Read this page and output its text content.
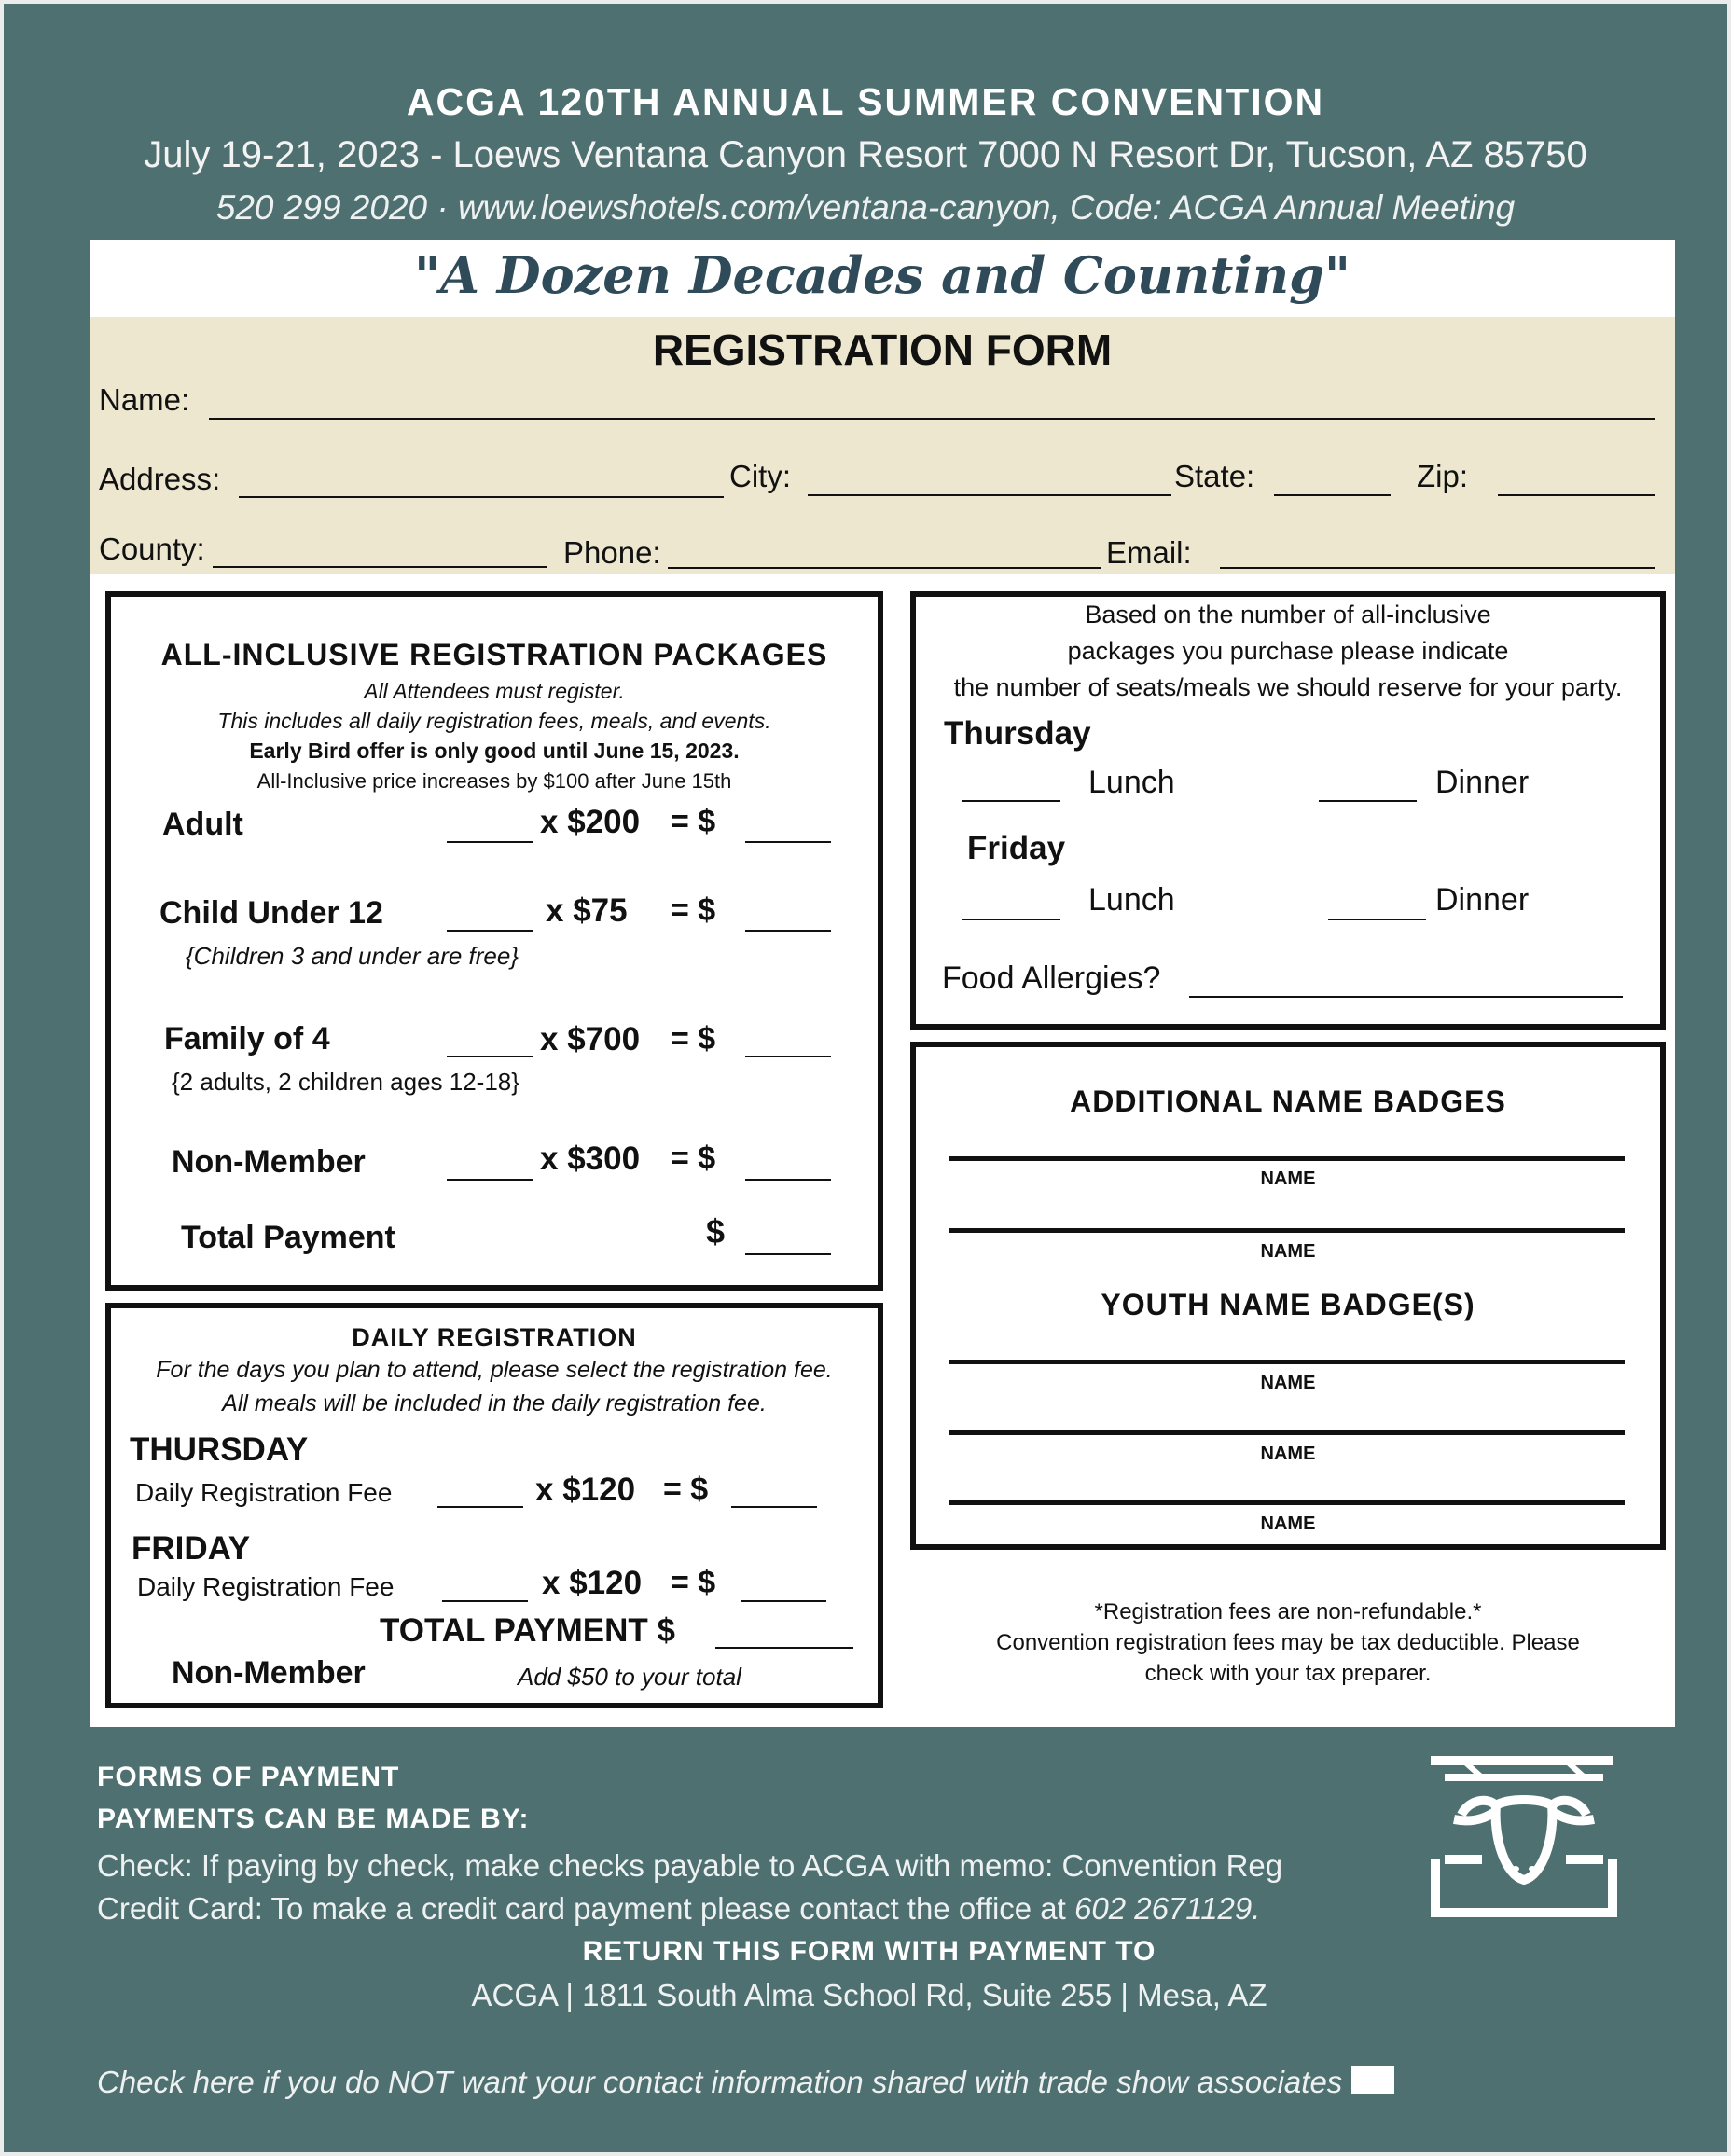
ACGA 120TH ANNUAL SUMMER CONVENTION
July 19-21, 2023 - Loews Ventana Canyon Resort 7000 N Resort Dr, Tucson, AZ 85750
520 299 2020 · www.loewshotels.com/ventana-canyon, Code: ACGA Annual Meeting
"A Dozen Decades and Counting"
REGISTRATION FORM
Name:
Address:	City:	State:	Zip:
County:	Phone:	Email:
ALL-INCLUSIVE REGISTRATION PACKAGES
All Attendees must register.
This includes all daily registration fees, meals, and events.
Early Bird offer is only good until June 15, 2023.
All-Inclusive price increases by $100 after June 15th
Adult	x $200 = $
Child Under 12	x $75 = $
{Children 3 and under are free}
Family of 4	x $700 = $
{2 adults, 2 children ages 12-18}
Non-Member	x $300 = $
Total Payment	$
DAILY REGISTRATION
For the days you plan to attend, please select the registration fee.
All meals will be included in the daily registration fee.
THURSDAY
Daily Registration Fee	x $120 = $
FRIDAY
Daily Registration Fee	x $120 = $
TOTAL PAYMENT $
Non-Member	Add $50 to your total
Based on the number of all-inclusive
packages you purchase please indicate
the number of seats/meals we should reserve for your party.
Thursday
Lunch	Dinner
Friday
Lunch	Dinner
Food Allergies?
ADDITIONAL NAME BADGES
NAME
NAME
YOUTH NAME BADGE(S)
NAME
NAME
NAME
*Registration fees are non-refundable.*
Convention registration fees may be tax deductible. Please
check with your tax preparer.
FORMS OF PAYMENT
PAYMENTS CAN BE MADE BY:
Check: If paying by check, make checks payable to ACGA with memo: Convention Reg
Credit Card: To make a credit card payment please contact the office at 602 2671129.
RETURN THIS FORM WITH PAYMENT TO
ACGA | 1811 South Alma School Rd, Suite 255 | Mesa, AZ
Check here if you do NOT want your contact information shared with trade show associates
